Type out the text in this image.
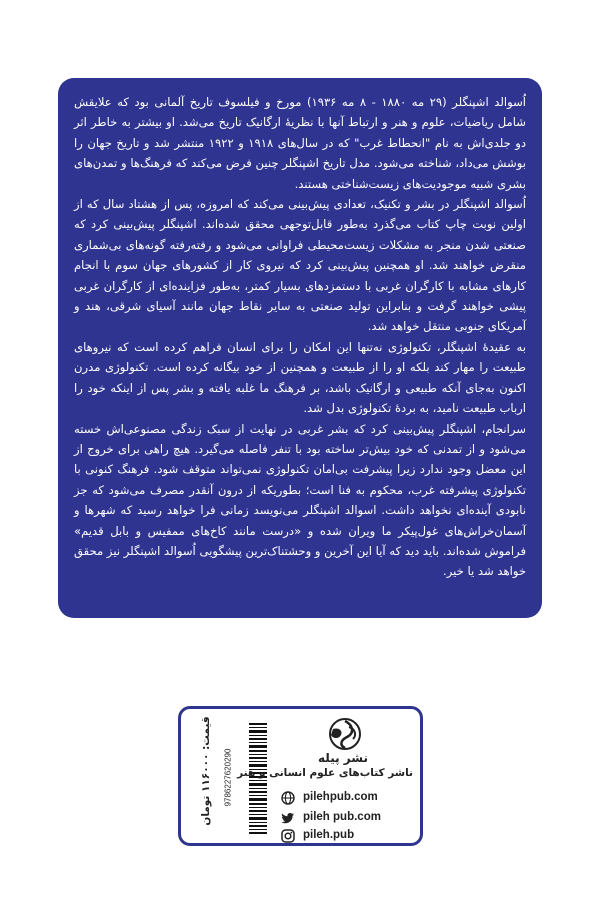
اُسوالد اشپنگلر (۲۹ مه ۱۸۸۰ - ۸ مه ۱۹۳۶) مورخ و فیلسوف تاریخ آلمانی بود که علایقش شامل ریاضیات، علوم و هنر و ارتباط آنها با نظریهٔ ارگانیک تاریخ می‌شد. او بیشتر به خاطر اثر دو جلدی‌اش به نام "انحطاط غرب" که در سال‌های ۱۹۱۸ و ۱۹۲۲ منتشر شد و تاریخ جهان را بوشش می‌داد، شناخته می‌شود. مدل تاریخ اشپنگلر چنین فرض می‌کند که فرهنگ‌ها و تمدن‌های بشری شبیه موجودیت‌های زیست‌شناختی هستند.

اُسوالد اشپنگلر در بشر و تکنیک، تعدادی پیش‌بینی می‌کند که امروزه، پس از هشتاد سال که از اولین نوبت چاپ کتاب می‌گذرد به‌طور قابل‌توجهی محقق شده‌اند. اشپنگلر پیش‌بینی کرد که صنعتی شدن منجر به مشکلات زیست‌محیطی فراوانی می‌شود و رفته‌رفته گونه‌های بی‌شماری منقرض خواهند شد. او همچنین پیش‌بینی کرد که نیروی کار از کشورهای جهان سوم با انجام کارهای مشابه با کارگران غربی با دستمزدهای بسیار کمتر، به‌طور فزاینده‌ای از کارگران غربی پیشی خواهند گرفت و بنابراین تولید صنعتی به سایر نقاط جهان مانند آسیای شرقی، هند و آمریکای جنوبی منتقل خواهد شد.

به عقیدهٔ اشپنگلر، تکنولوژی نه‌تنها این امکان را برای انسان فراهم کرده است که نیروهای طبیعت را مهار کند بلکه او را از طبیعت و همچنین از خود بیگانه کرده است. تکنولوژی مدرن اکنون به‌جای آنکه طبیعی و ارگانیک باشد، بر فرهنگ ما غلبه یافته و بشر پس از اینکه خود را ارباب طبیعت نامید، به بردهٔ تکنولوژی بدل شد.

سرانجام، اشپنگلر پیش‌بینی کرد که بشر غربی در نهایت از سبک زندگی مصنوعی‌اش خسته می‌شود و از تمدنی که خود بیش‌تر ساخته بود با تنفر فاصله می‌گیرد. هیچ راهی برای خروج از این معضل وجود ندارد زیرا پیشرفت بی‌امان تکنولوژی نمی‌تواند متوقف شود. فرهنگ کنونی با تکنولوژی پیشرفته غرب، محکوم به فنا است؛ بطوریکه از درون آنقدر مصرف می‌شود که جز نابودی آینده‌ای نخواهد داشت. اسوالد اشپنگلر می‌نویسد زمانی فرا خواهد رسید که شهرها و آسمان‌خراش‌های غول‌پیکر ما ویران شده و «درست مانند کاخ‌های ممفیس و بابل قدیم» فراموش شده‌اند. باید دید که آیا این آخرین و وحشتناک‌ترین پیشگویی اُسوالد اشپنگلر نیز محقق خواهد شد یا خیر.

9786227620290
قیمت: ۱۱۶۰۰۰ تومان
نشر پیله
ناشر کتاب‌های علوم انسانی و هنر
pilehpub.com
pileh pub.com
pileh.pub
